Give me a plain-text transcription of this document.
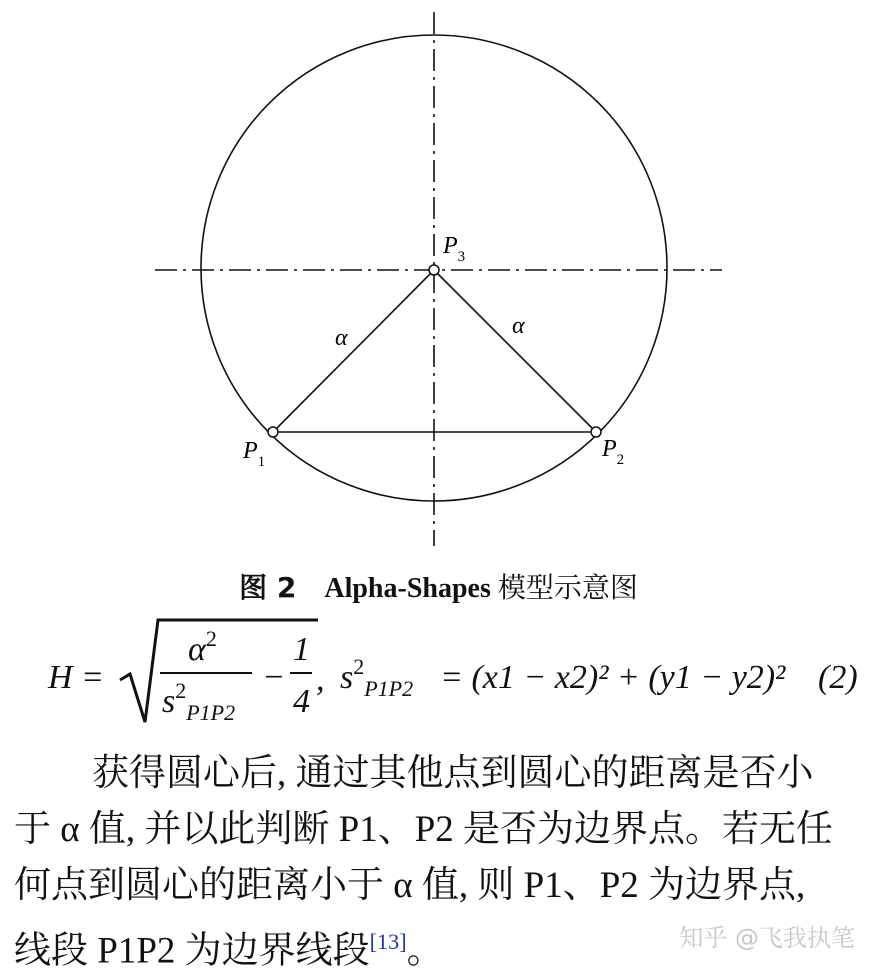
$P_3$
$P_1$	$P_2$
α	α
图 2 Alpha-Shapes 模型示意图
H =
$\alpha^2$
$s^2_{P1P2}$
−
1
4
, $s^2_{P1P2} = (x1 - x2)^2 + (y1 - y2)^2$ (2)
获得圆心后, 通过其他点到圆心的距离是否小
于 α 值, 并以此判断 P1、P2 是否为边界点。若无任
何点到圆心的距离小于 α 值, 则 P1、P2 为边界点,
线段 P1P2 为边界线段[13]。	知乎 @飞我执笔
